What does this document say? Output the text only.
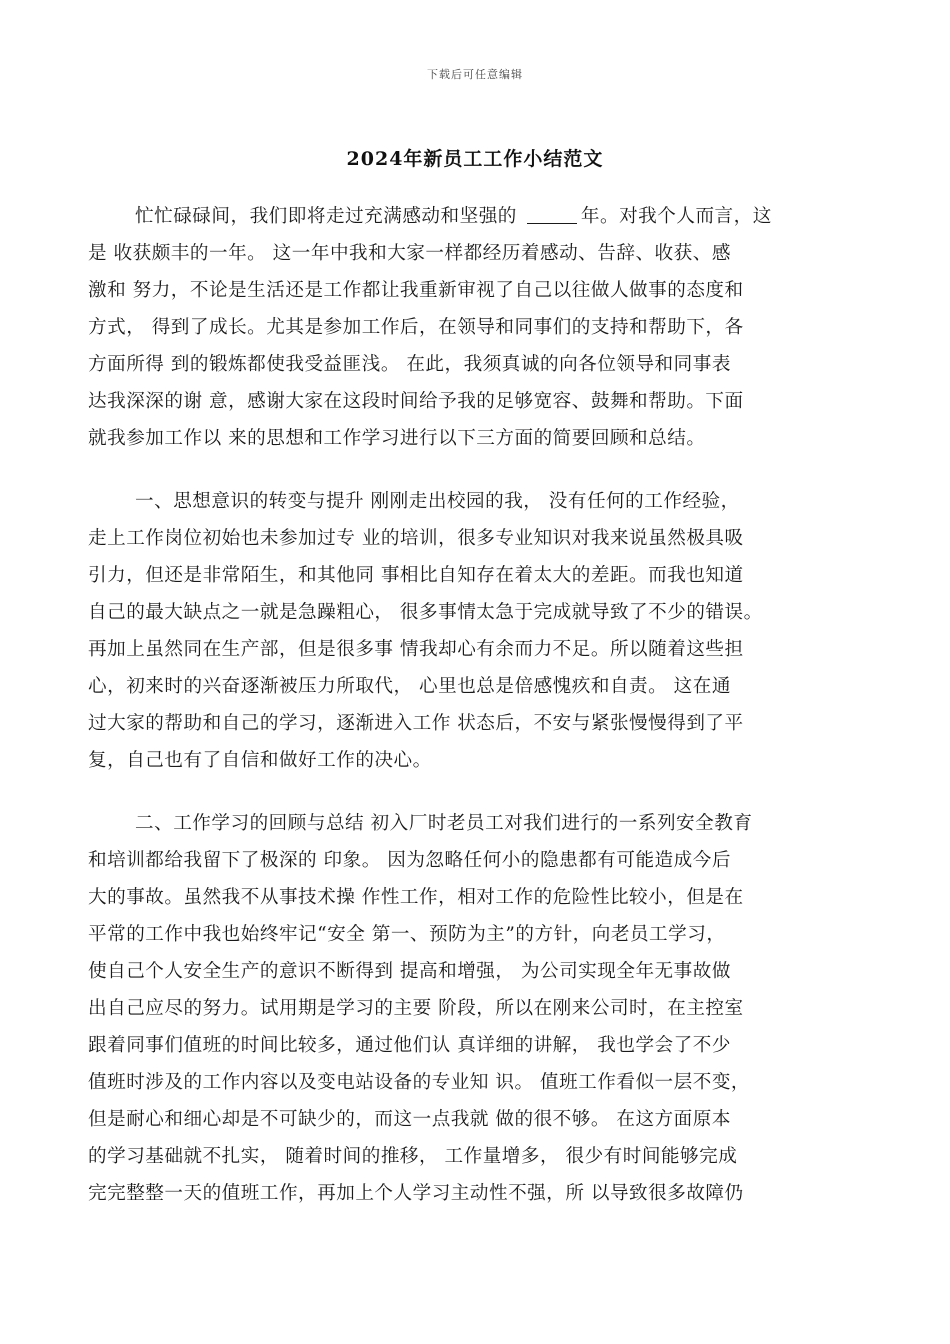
下载后可任意编辑
2024年新员工工作小结范文
忙忙碌碌间，我们即将走过充满感动和坚强的	年。对我个人而言，这
是 收获颇丰的一年。 这一年中我和大家一样都经历着感动、告辞、收获、感
激和 努力，不论是生活还是工作都让我重新审视了自己以往做人做事的态度和
方式， 得到了成长。尤其是参加工作后，在领导和同事们的支持和帮助下，各
方面所得 到的锻炼都使我受益匪浅。 在此，我须真诚的向各位领导和同事表
达我深深的谢 意，感谢大家在这段时间给予我的足够宽容、鼓舞和帮助。下面
就我参加工作以 来的思想和工作学习进行以下三方面的简要回顾和总结。
一、思想意识的转变与提升 刚刚走出校园的我， 没有任何的工作经验，
走上工作岗位初始也未参加过专 业的培训，很多专业知识对我来说虽然极具吸
引力，但还是非常陌生，和其他同 事相比自知存在着太大的差距。而我也知道
自己的最大缺点之一就是急躁粗心， 很多事情太急于完成就导致了不少的错误。
再加上虽然同在生产部，但是很多事 情我却心有余而力不足。所以随着这些担
心，初来时的兴奋逐渐被压力所取代， 心里也总是倍感愧疚和自责。 这在通
过大家的帮助和自己的学习，逐渐进入工作 状态后，不安与紧张慢慢得到了平
复，自己也有了自信和做好工作的决心。
二、工作学习的回顾与总结 初入厂时老员工对我们进行的一系列安全教育
和培训都给我留下了极深的 印象。 因为忽略任何小的隐患都有可能造成今后
大的事故。虽然我不从事技术操 作性工作，相对工作的危险性比较小，但是在
平常的工作中我也始终牢记“安全 第一、预防为主”的方针，向老员工学习，
使自己个人安全生产的意识不断得到 提高和增强， 为公司实现全年无事故做
出自己应尽的努力。试用期是学习的主要 阶段，所以在刚来公司时，在主控室
跟着同事们值班的时间比较多，通过他们认 真详细的讲解， 我也学会了不少
值班时涉及的工作内容以及变电站设备的专业知 识。 值班工作看似一层不变，
但是耐心和细心却是不可缺少的，而这一点我就 做的很不够。 在这方面原本
的学习基础就不扎实， 随着时间的推移， 工作量增多， 很少有时间能够完成
完完整整一天的值班工作，再加上个人学习主动性不强，所 以导致很多故障仍
